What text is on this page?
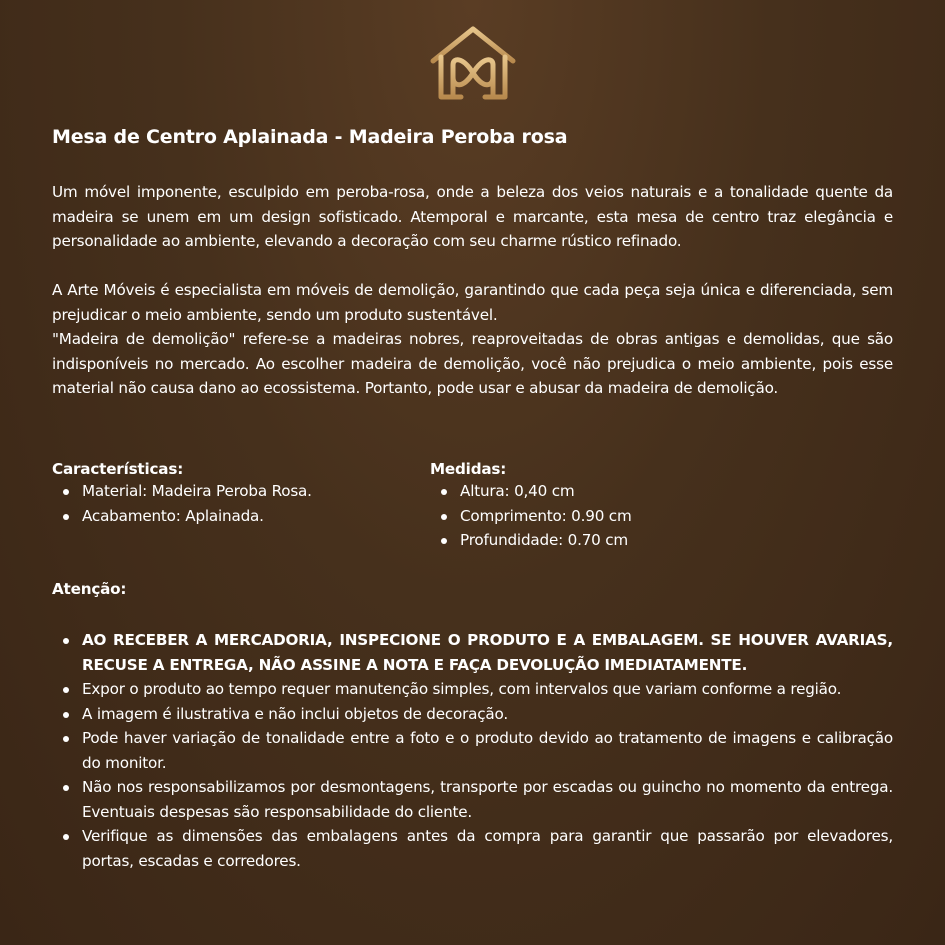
Mesa de Centro Aplainada - Madeira Peroba rosa

Um móvel imponente, esculpido em peroba-rosa, onde a beleza dos veios naturais e a tonalidade quente da madeira se unem em um design sofisticado. Atemporal e marcante, esta mesa de centro traz elegância e personalidade ao ambiente, elevando a decoração com seu charme rústico refinado.

A Arte Móveis é especialista em móveis de demolição, garantindo que cada peça seja única e diferenciada, sem prejudicar o meio ambiente, sendo um produto sustentável.

"Madeira de demolição" refere-se a madeiras nobres, reaproveitadas de obras antigas e demolidas, que são indisponíveis no mercado. Ao escolher madeira de demolição, você não prejudica o meio ambiente, pois esse material não causa dano ao ecossistema. Portanto, pode usar e abusar da madeira de demolição.

Características:
Material: Madeira Peroba Rosa.
Acabamento: Aplainada.
Medidas:
Altura: 0,40 cm
Comprimento: 0.90 cm
Profundidade: 0.70 cm
Atenção:
AO RECEBER A MERCADORIA, INSPECIONE O PRODUTO E A EMBALAGEM. SE HOUVER AVARIAS, RECUSE A ENTREGA, NÃO ASSINE A NOTA E FAÇA DEVOLUÇÃO IMEDIATAMENTE.
Expor o produto ao tempo requer manutenção simples, com intervalos que variam conforme a região.
A imagem é ilustrativa e não inclui objetos de decoração.
Pode haver variação de tonalidade entre a foto e o produto devido ao tratamento de imagens e calibração do monitor.
Não nos responsabilizamos por desmontagens, transporte por escadas ou guincho no momento da entrega. Eventuais despesas são responsabilidade do cliente.
Verifique as dimensões das embalagens antes da compra para garantir que passarão por elevadores, portas, escadas e corredores.
